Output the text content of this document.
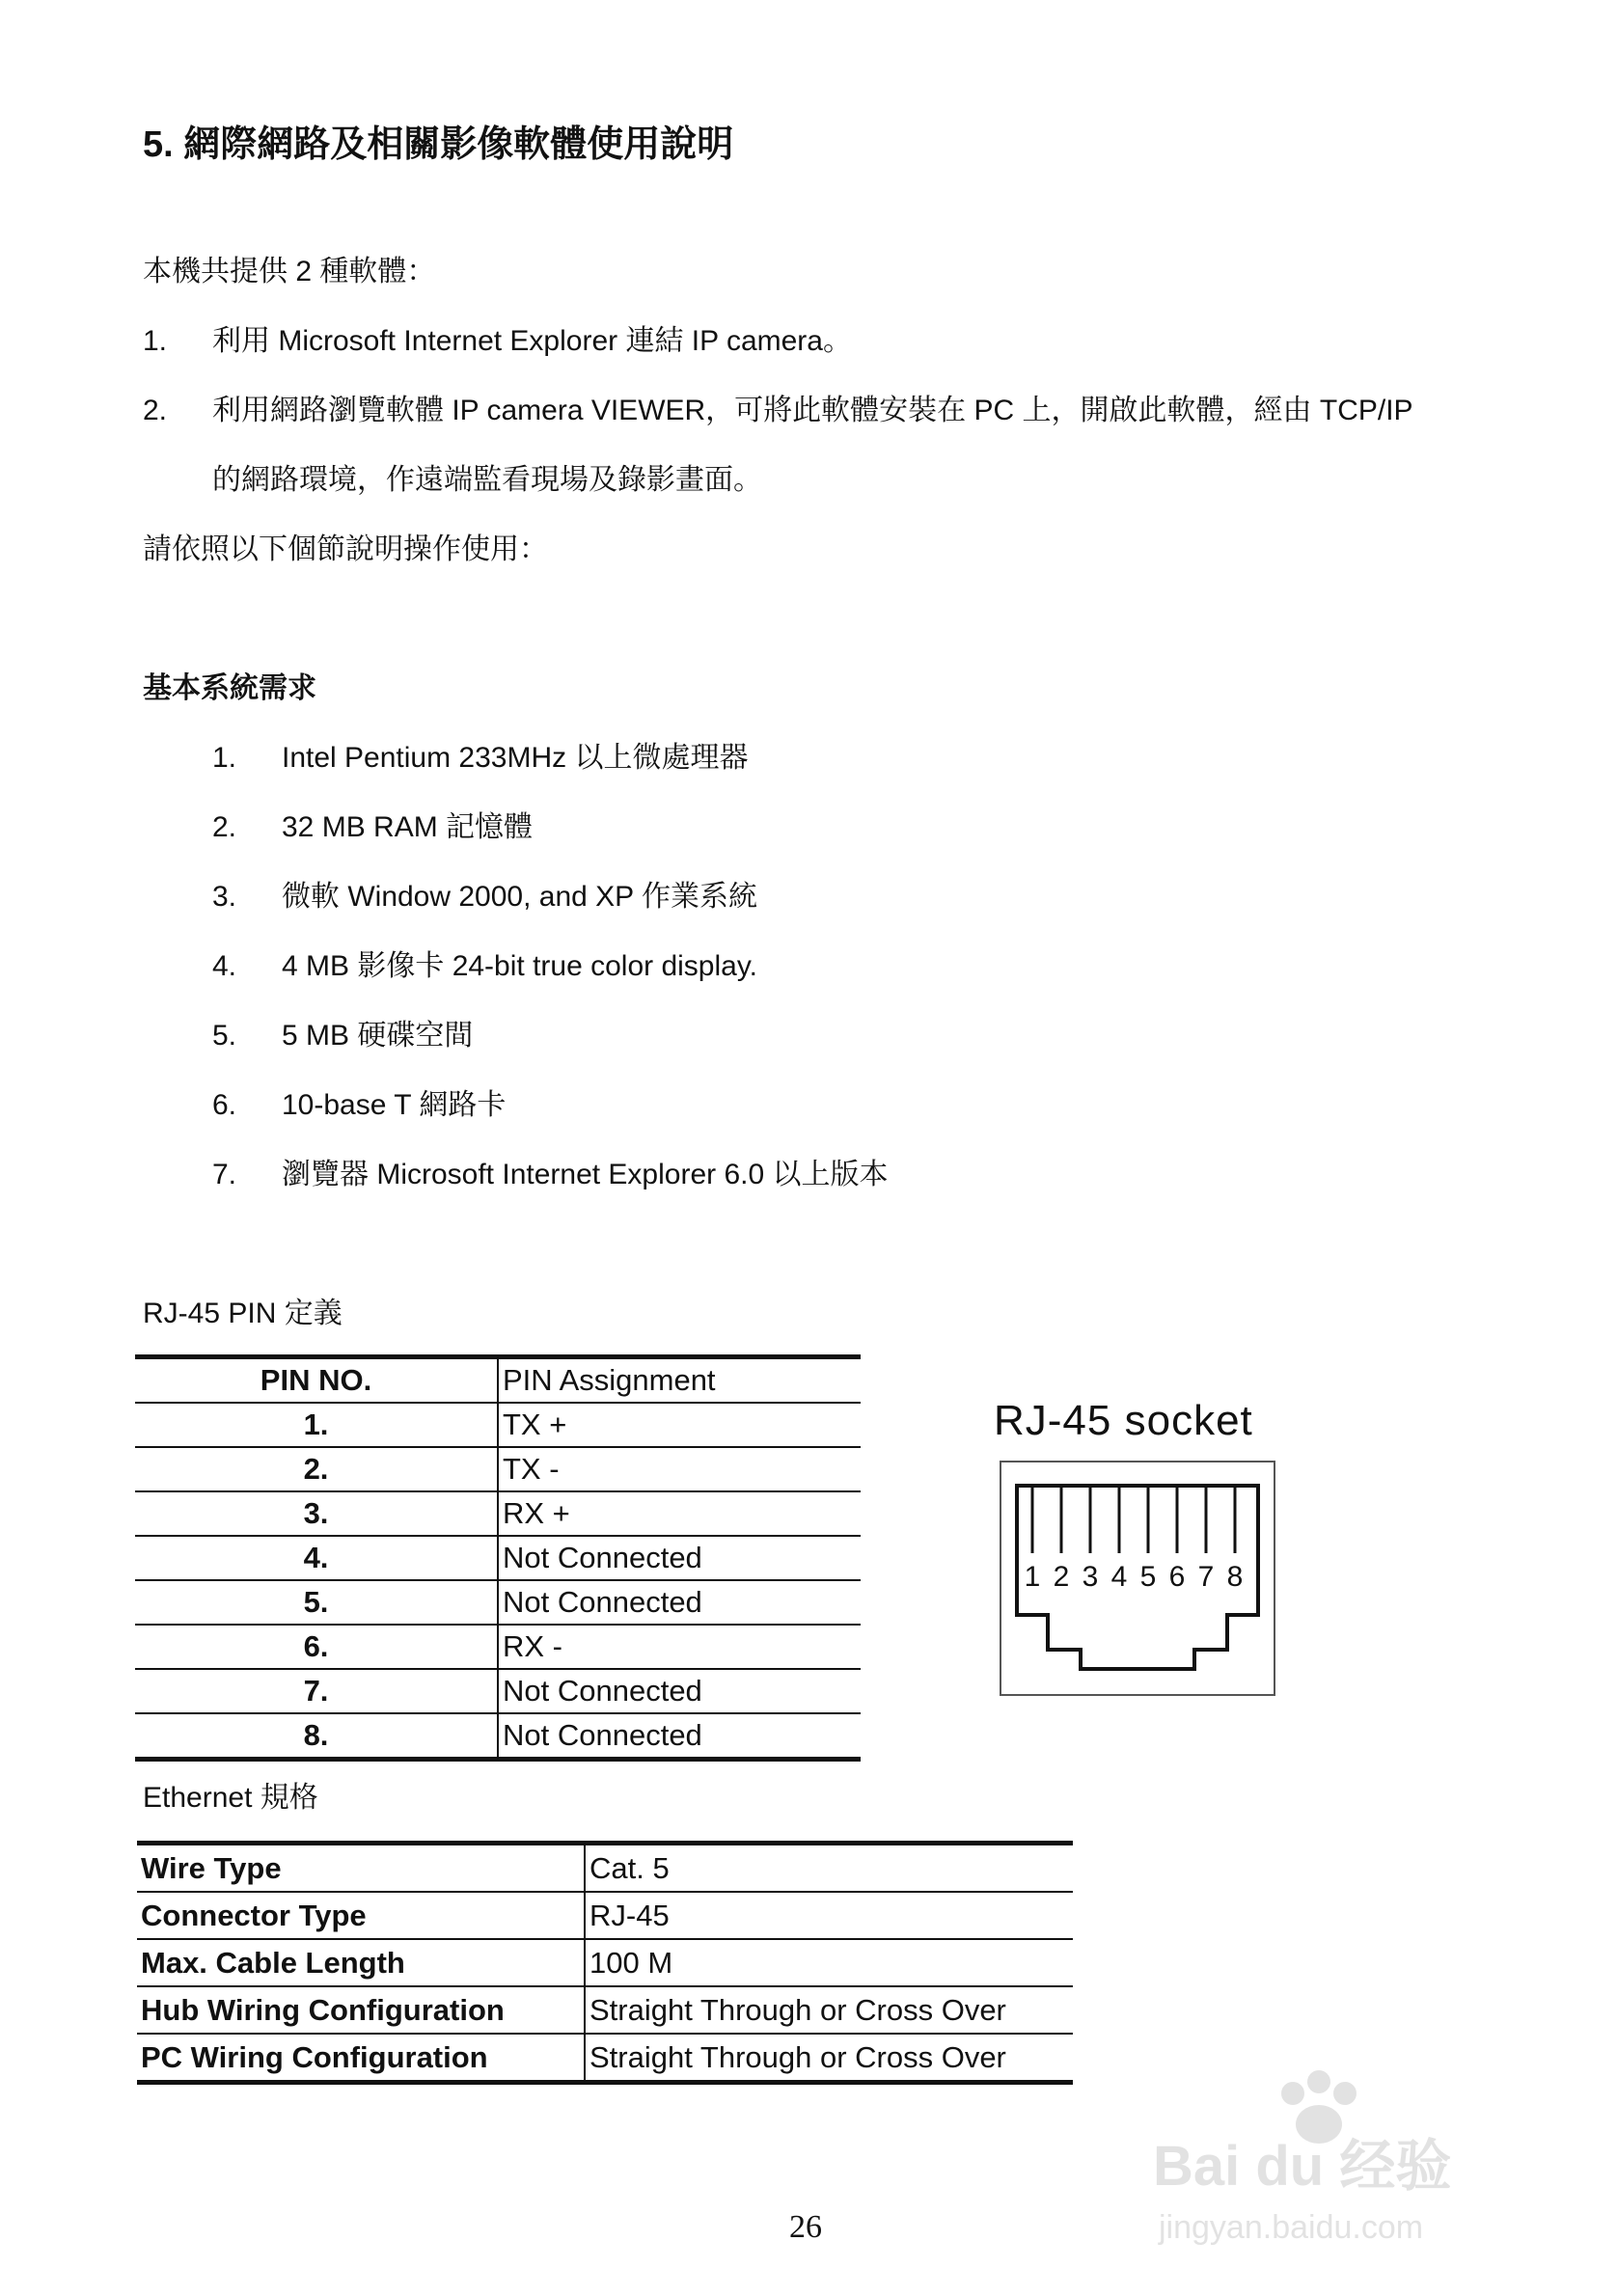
5. 網際網路及相關影像軟體使用說明
本機共提供 2 種軟體：
1. 利用 Microsoft Internet Explorer 連結 IP camera。
2. 利用網路瀏覽軟體 IP camera VIEWER，可將此軟體安裝在 PC 上，開啟此軟體，經由 TCP/IP
的網路環境，作遠端監看現場及錄影畫面。
請依照以下個節說明操作使用：
基本系統需求
1. Intel Pentium 233MHz 以上微處理器
2. 32 MB RAM 記憶體
3. 微軟 Window 2000, and XP 作業系統
4. 4 MB 影像卡 24-bit true color display.
5. 5 MB 硬碟空間
6. 10-base T 網路卡
7. 瀏覽器 Microsoft Internet Explorer 6.0 以上版本
RJ-45 PIN 定義
PIN NO.	PIN Assignment
1.	TX +
2.	TX -
3.	RX +
4.	Not Connected
5.	Not Connected
6.	RX -
7.	Not Connected
8.	Not Connected
RJ-45 socket
1 2 3 4 5 6 7 8
Ethernet 規格
Wire Type	Cat. 5
Connector Type	RJ-45
Max. Cable Length	100 M
Hub Wiring Configuration	Straight Through or Cross Over
PC Wiring Configuration	Straight Through or Cross Over
26
Bai du 经验
jingyan.baidu.com
